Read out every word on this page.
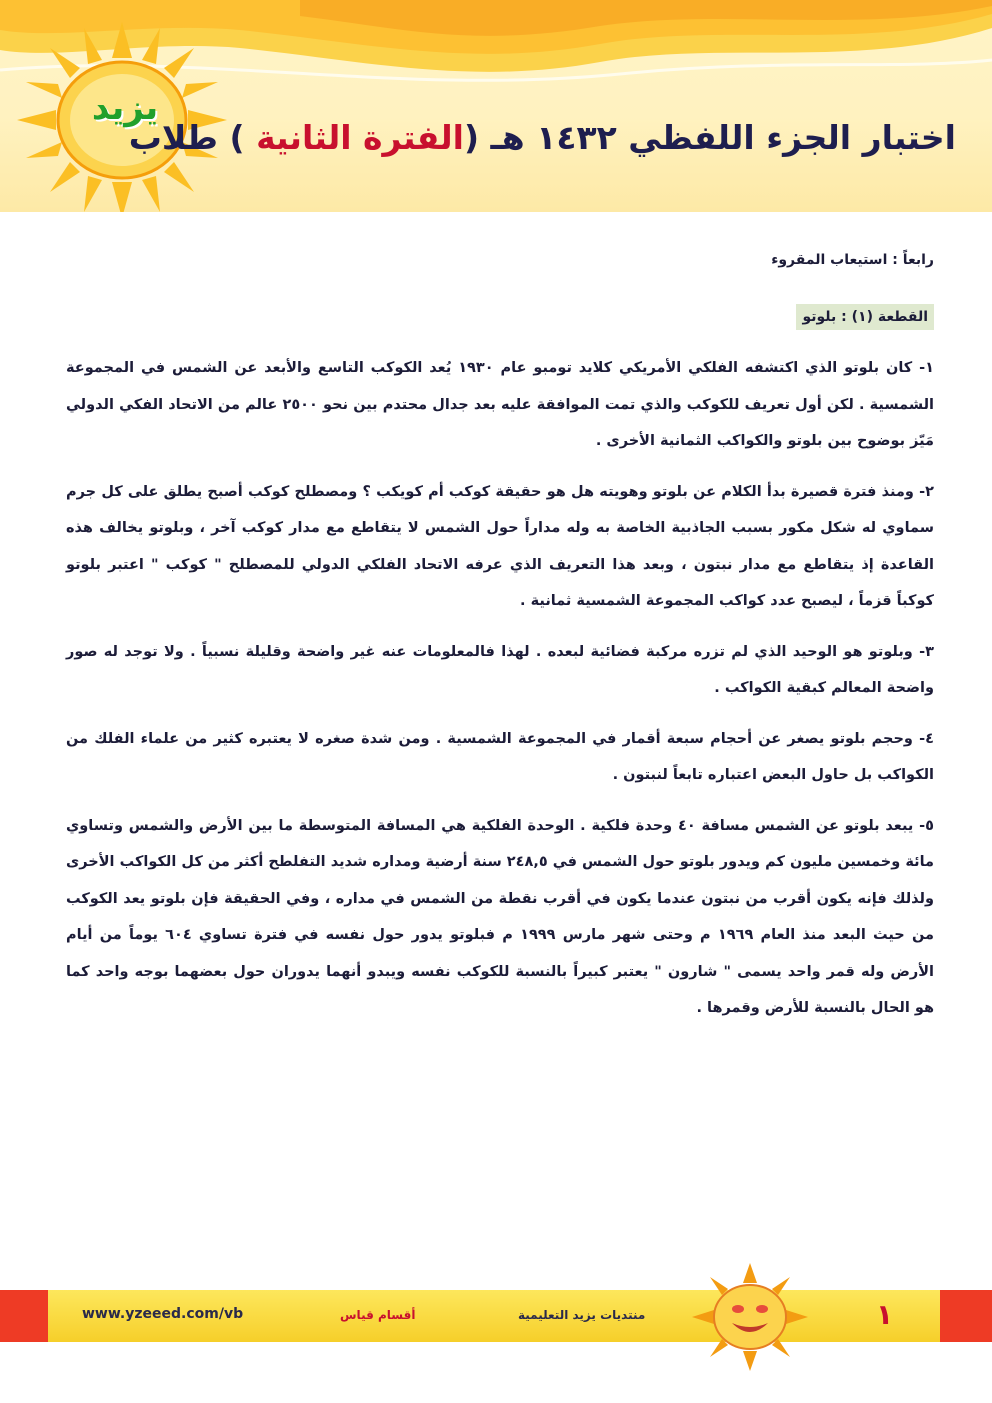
يزيد
اختبار الجزء اللفظي ١٤٣٢ هـ (الفترة الثانية ) طلاب
رابعاً : استيعاب المقروء
القطعة (١) : بلوتو

١- كان بلوتو الذي اكتشفه الفلكي الأمريكي كلايد تومبو عام ١٩٣٠ يُعد الكوكب التاسع والأبعد عن الشمس في المجموعة الشمسية . لكن أول تعريف للكوكب والذي تمت الموافقة عليه بعد جدال محتدم بين نحو ٢٥٠٠ عالم من الاتحاد الفكي الدولي مَيّز بوضوح بين بلوتو والكواكب الثمانية الأخرى .

٢- ومنذ فترة قصيرة بدأ الكلام عن بلوتو وهويته هل هو حقيقة كوكب أم كويكب ؟ ومصطلح كوكب أصبح يطلق على كل جرم سماوي له شكل مكور بسبب الجاذبية الخاصة به وله مداراً حول الشمس لا يتقاطع مع مدار كوكب آخر ، وبلوتو يخالف هذه القاعدة إذ يتقاطع مع مدار نبتون ، وبعد هذا التعريف الذي عرفه الاتحاد الفلكي الدولي للمصطلح " كوكب " اعتبر بلوتو كوكباً قزماً ، ليصبح عدد كواكب المجموعة الشمسية ثمانية .

٣- وبلوتو هو الوحيد الذي لم تزره مركبة فضائية لبعده . لهذا فالمعلومات عنه غير واضحة وقليلة نسبياً . ولا توجد له صور واضحة المعالم كبقية الكواكب .

٤- وحجم بلوتو يصغر عن أحجام سبعة أقمار في المجموعة الشمسية . ومن شدة صغره لا يعتبره كثير من علماء الفلك من الكواكب بل حاول البعض اعتباره تابعاً لنبتون .

٥- يبعد بلوتو عن الشمس مسافة ٤٠ وحدة فلكية . الوحدة الفلكية هي المسافة المتوسطة ما بين الأرض والشمس وتساوي مائة وخمسين مليون كم ويدور بلوتو حول الشمس في ٢٤٨,٥ سنة أرضية ومداره شديد التفلطح أكثر من كل الكواكب الأخرى ولذلك فإنه يكون أقرب من نبتون عندما يكون في أقرب نقطة من الشمس في مداره ، وفي الحقيقة فإن بلوتو يعد الكوكب من حيث البعد منذ العام ١٩٦٩ م وحتى شهر مارس ١٩٩٩ م فبلوتو يدور حول نفسه في فترة تساوي ٦٠٤ يوماً من أيام الأرض وله قمر واحد يسمى " شارون " يعتبر كبيراً بالنسبة للكوكب نفسه ويبدو أنهما يدوران حول بعضهما بوجه واحد كما هو الحال بالنسبة للأرض وقمرها .

www.yzeeed.com/vb	أقسام قياس	منتديات يزيد التعليمية	١
